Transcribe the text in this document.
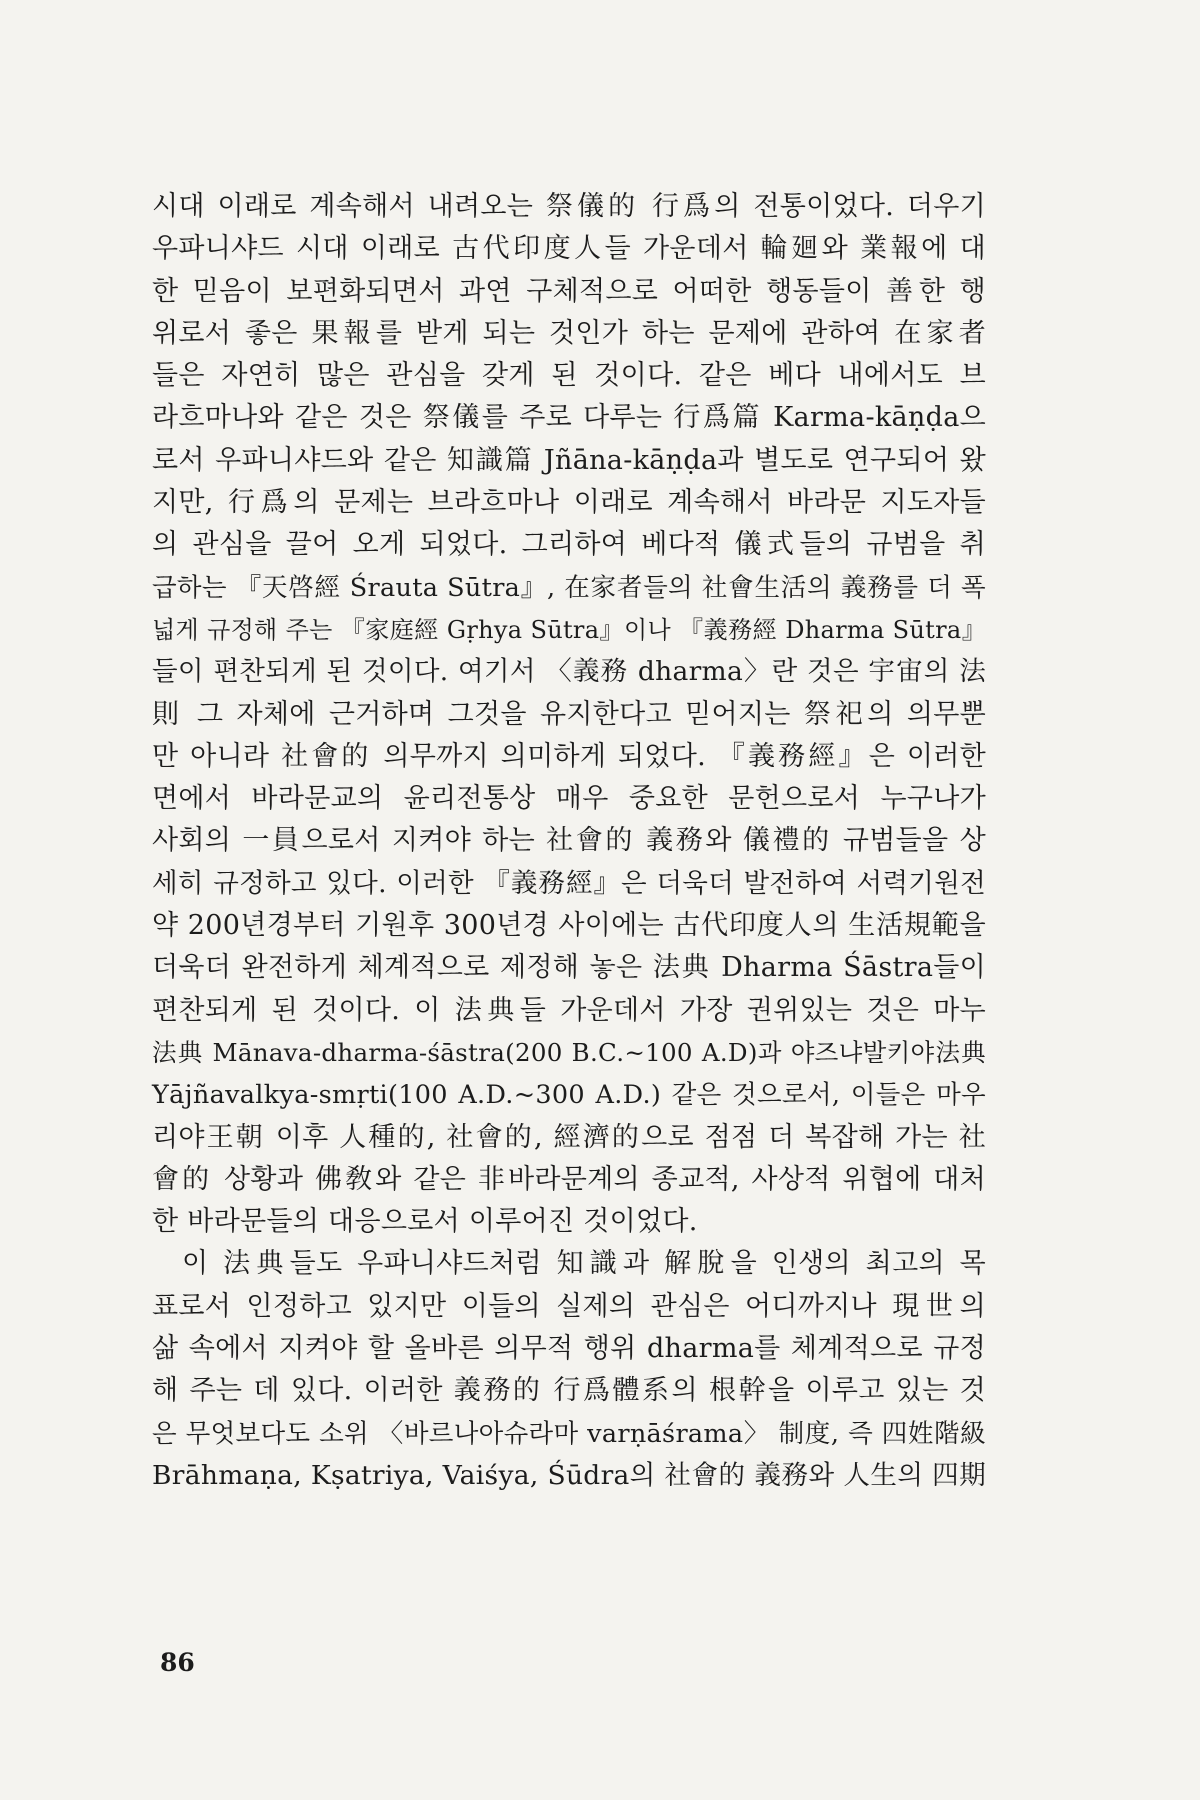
시대 이래로 계속해서 내려오는 祭儀的 行爲의 전통이었다. 더우기
우파니샤드 시대 이래로 古代印度人들 가운데서 輪廻와 業報에 대
한 믿음이 보편화되면서 과연 구체적으로 어떠한 행동들이 善한 행
위로서 좋은 果報를 받게 되는 것인가 하는 문제에 관하여 在家者
들은 자연히 많은 관심을 갖게 된 것이다. 같은 베다 내에서도 브
라흐마나와 같은 것은 祭儀를 주로 다루는 行爲篇 Karma-kāṇḍa으
로서 우파니샤드와 같은 知識篇 Jñāna-kāṇḍa과 별도로 연구되어 왔
지만, 行爲의 문제는 브라흐마나 이래로 계속해서 바라문 지도자들
의 관심을 끌어 오게 되었다. 그리하여 베다적 儀式들의 규범을 취
급하는 『天啓經 Śrauta Sūtra』, 在家者들의 社會生活의 義務를 더 폭
넓게 규정해 주는 『家庭經 Gṛhya Sūtra』이나 『義務經 Dharma Sūtra』
들이 편찬되게 된 것이다. 여기서 〈義務 dharma〉란 것은 宇宙의 法
則 그 자체에 근거하며 그것을 유지한다고 믿어지는 祭祀의 의무뿐
만 아니라 社會的 의무까지 의미하게 되었다. 『義務經』은 이러한
면에서 바라문교의 윤리전통상 매우 중요한 문헌으로서 누구나가
사회의 一員으로서 지켜야 하는 社會的 義務와 儀禮的 규범들을 상
세히 규정하고 있다. 이러한 『義務經』은 더욱더 발전하여 서력기원전
약 200년경부터 기원후 300년경 사이에는 古代印度人의 生活規範을
더욱더 완전하게 체계적으로 제정해 놓은 法典 Dharma Śāstra들이
편찬되게 된 것이다. 이 法典들 가운데서 가장 권위있는 것은 마누
法典 Mānava-dharma-śāstra(200 B.C.~100 A.D)과 야즈냐발키야法典
Yājñavalkya-smṛti(100 A.D.~300 A.D.) 같은 것으로서, 이들은 마우
리야王朝 이후 人種的, 社會的, 經濟的으로 점점 더 복잡해 가는 社
會的 상황과 佛敎와 같은 非바라문계의 종교적, 사상적 위협에 대처
한 바라문들의 대응으로서 이루어진 것이었다.

이 法典들도 우파니샤드처럼 知識과 解脫을 인생의 최고의 목
표로서 인정하고 있지만 이들의 실제의 관심은 어디까지나 現世의
삶 속에서 지켜야 할 올바른 의무적 행위 dharma를 체계적으로 규정
해 주는 데 있다. 이러한 義務的 行爲體系의 根幹을 이루고 있는 것
은 무엇보다도 소위 〈바르나아슈라마 varṇāśrama〉 制度, 즉 四姓階級
Brāhmaṇa, Kṣatriya, Vaiśya, Śūdra의 社會的 義務와 人生의 四期

86
